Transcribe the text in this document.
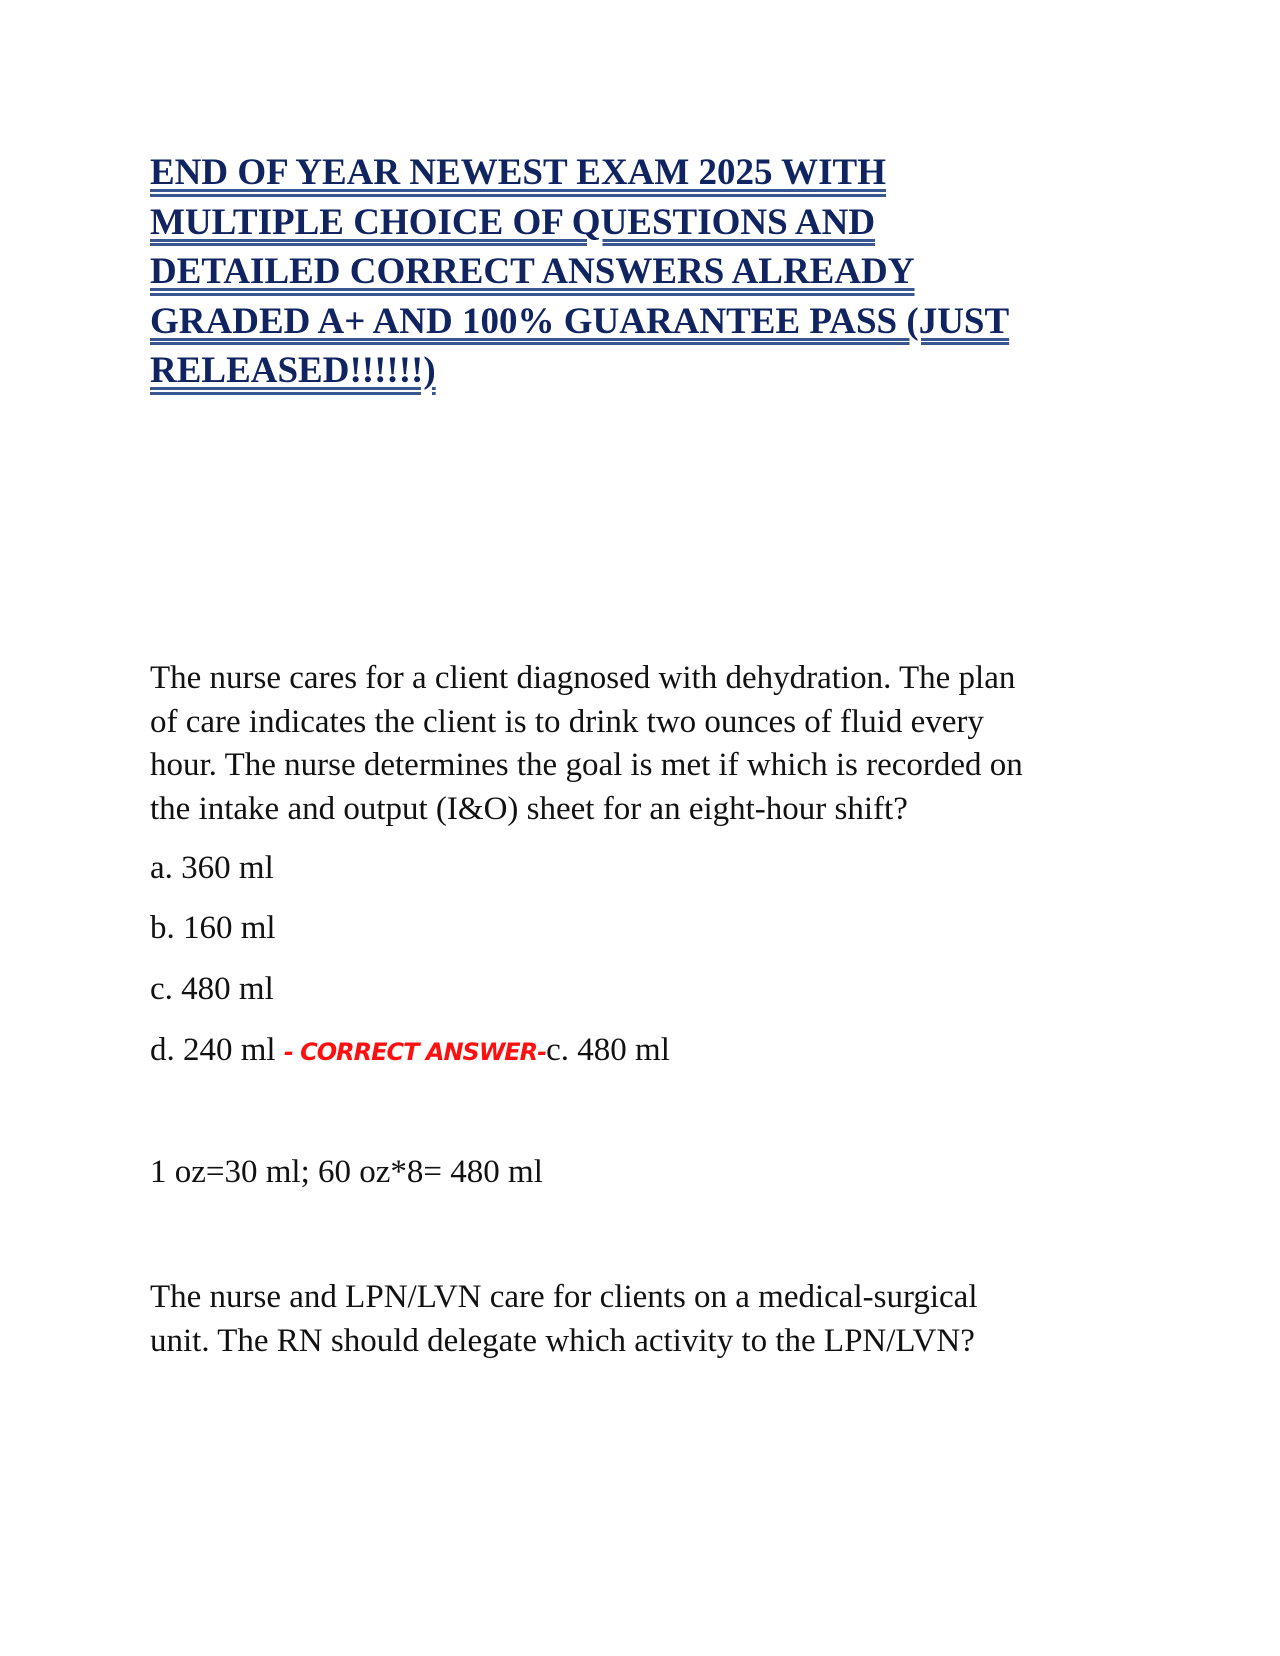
END OF YEAR NEWEST EXAM 2025 WITH
MULTIPLE CHOICE OF QUESTIONS AND
DETAILED CORRECT ANSWERS ALREADY
GRADED A+ AND 100% GUARANTEE PASS (JUST
RELEASED!!!!!!)
The nurse cares for a client diagnosed with dehydration. The plan
of care indicates the client is to drink two ounces of fluid every
hour. The nurse determines the goal is met if which is recorded on
the intake and output (I&O) sheet for an eight-hour shift?
a. 360 ml
b. 160 ml
c. 480 ml
d. 240 ml - CORRECT ANSWER-c. 480 ml
1 oz=30 ml; 60 oz*8= 480 ml
The nurse and LPN/LVN care for clients on a medical-surgical
unit. The RN should delegate which activity to the LPN/LVN?
